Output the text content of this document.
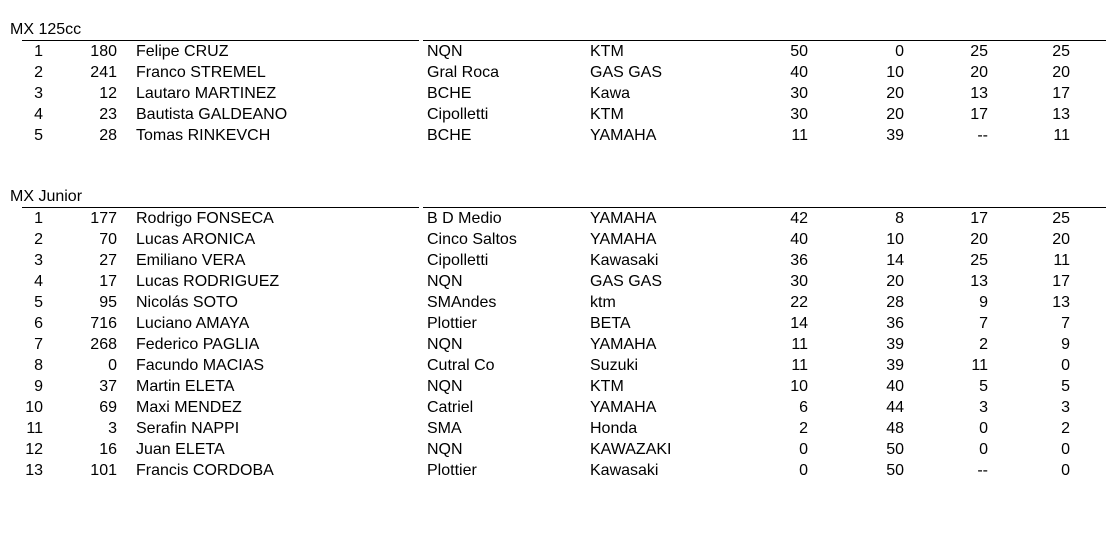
MX 125cc
1	180 Felipe CRUZ	NQN	KTM	50	0	25	25
2	241 Franco STREMEL	Gral Roca	GAS GAS	40	10	20	20
3	12 Lautaro MARTINEZ	BCHE	Kawa	30	20	13	17
4	23 Bautista GALDEANO	Cipolletti	KTM	30	20	17	13
5	28 Tomas RINKEVCH	BCHE	YAMAHA	11	39	--	11
MX Junior
1	177 Rodrigo FONSECA	B D Medio	YAMAHA	42	8	17	25
2	70 Lucas ARONICA	Cinco Saltos	YAMAHA	40	10	20	20
3	27 Emiliano VERA	Cipolletti	Kawasaki	36	14	25	11
4	17 Lucas RODRIGUEZ	NQN	GAS GAS	30	20	13	17
5	95 Nicolás SOTO	SMAndes	ktm	22	28	9	13
6	716 Luciano AMAYA	Plottier	BETA	14	36	7	7
7	268 Federico PAGLIA	NQN	YAMAHA	11	39	2	9
8	0 Facundo MACIAS	Cutral Co	Suzuki	11	39	11	0
9	37 Martin ELETA	NQN	KTM	10	40	5	5
10	69 Maxi MENDEZ	Catriel	YAMAHA	6	44	3	3
11	3 Serafin NAPPI	SMA	Honda	2	48	0	2
12	16 Juan ELETA	NQN	KAWAZAKI	0	50	0	0
13	101 Francis CORDOBA	Plottier	Kawasaki	0	50	--	0
